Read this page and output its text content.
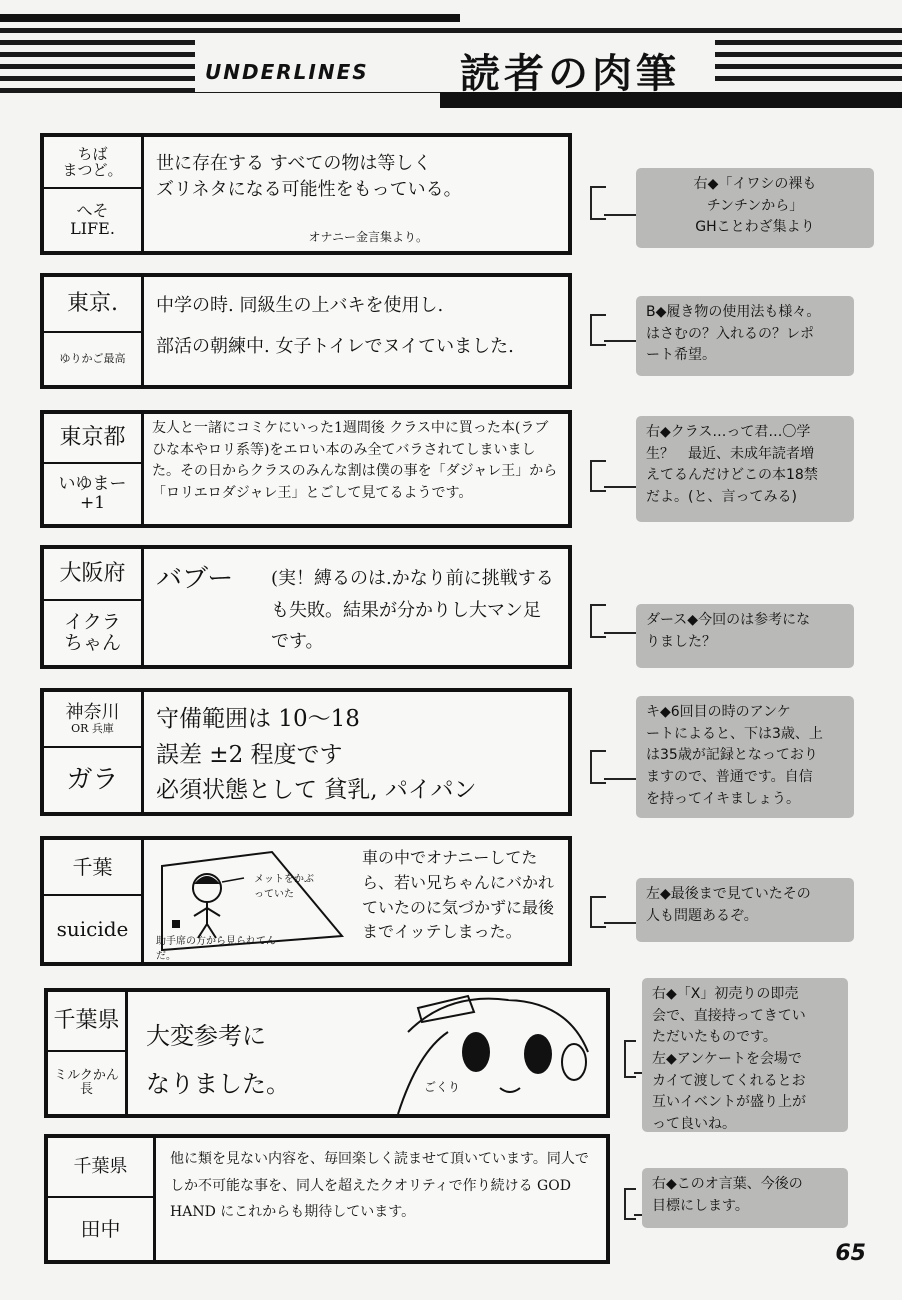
UNDERLINES 読者の肉筆
ちば
まつど。
へそ
LIFE.
世に存在する すべての物は等しく
ズリネタになる可能性をもっている。
オナニー金言集より。
東京.
ゆりかご最高
中学の時. 同級生の上バキを使用し.
部活の朝練中. 女子トイレでヌイていました.
東京都
いゆまー
+1
友人と一諸にコミケにいった1週間後 クラス中に買った本(ラブひな本やロリ系等)をエロい本のみ全てバラされてしまいました。その日からクラスのみんな割は僕の事を「ダジャレ王」から「ロリエロダジャレ王」とごして見てるようです。
大阪府
イクラ
ちゃん
バブー	(実！縛るのは.かなり前に挑戦するも失敗。結果が分かりし大マン足です。
神奈川
OR 兵庫
ガラ
守備範囲は 10〜18
誤差 ±2 程度です
必須状態として 貧乳, パイパン
千葉
suicide
メットをかぶっていた
助手席の方から見られてんだ。
車の中でオナニーしてたら、若い兄ちゃんにバかれていたのに気づかずに最後までイッテしまった。
千葉県
ミルクかん長
大変参考に
なりました。	ごくり
千葉県
田中
他に類を見ない内容を、毎回楽しく読ませて頂いています。同人でしか不可能な事を、同人を超えたクオリティで作り続ける GOD HAND にこれからも期待しています。
右◆「イワシの裸も
チンチンから」
GHことわざ集より
B◆履き物の使用法も様々。
はさむの？入れるの？レポ
ート希望。
右◆クラス…って君…〇学
生？　最近、未成年読者増
えてるんだけどこの本18禁
だよ。(と、言ってみる)
ダース◆今回のは参考にな
りました？
キ◆6回目の時のアンケ
ートによると、下は3歳、上
は35歳が記録となっており
ますので、普通です。自信
を持ってイキましょう。
左◆最後まで見ていたその
人も問題あるぞ。
右◆「X」初売りの即売
会で、直接持ってきてい
ただいたものです。
左◆アンケートを会場で
カイて渡してくれるとお
互いイベントが盛り上が
って良いね。
右◆このオ言葉、今後の
目標にします。
65
